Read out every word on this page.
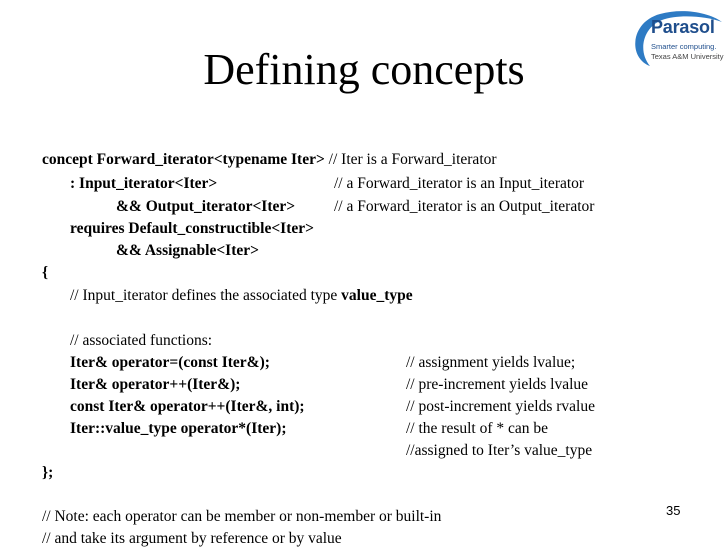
Defining concepts
Parasol
Smarter computing.
Texas A&M University
concept Forward_iterator<typename Iter> // Iter is a Forward_iterator
: Input_iterator<Iter>	// a Forward_iterator is an Input_iterator
&& Output_iterator<Iter>	// a Forward_iterator is an Output_iterator
requires Default_constructible<Iter>
&& Assignable<Iter>
{
// Input_iterator defines the associated type value_type
// associated functions:
Iter& operator=(const Iter&);	// assignment yields lvalue;
Iter& operator++(Iter&);	// pre-increment yields lvalue
const Iter& operator++(Iter&, int);	// post-increment yields rvalue
Iter::value_type operator*(Iter);	// the result of * can be
//assigned to Iter’s value_type
};
// Note: each operator can be member or non-member or built-in
// and take its argument by reference or by value
35
